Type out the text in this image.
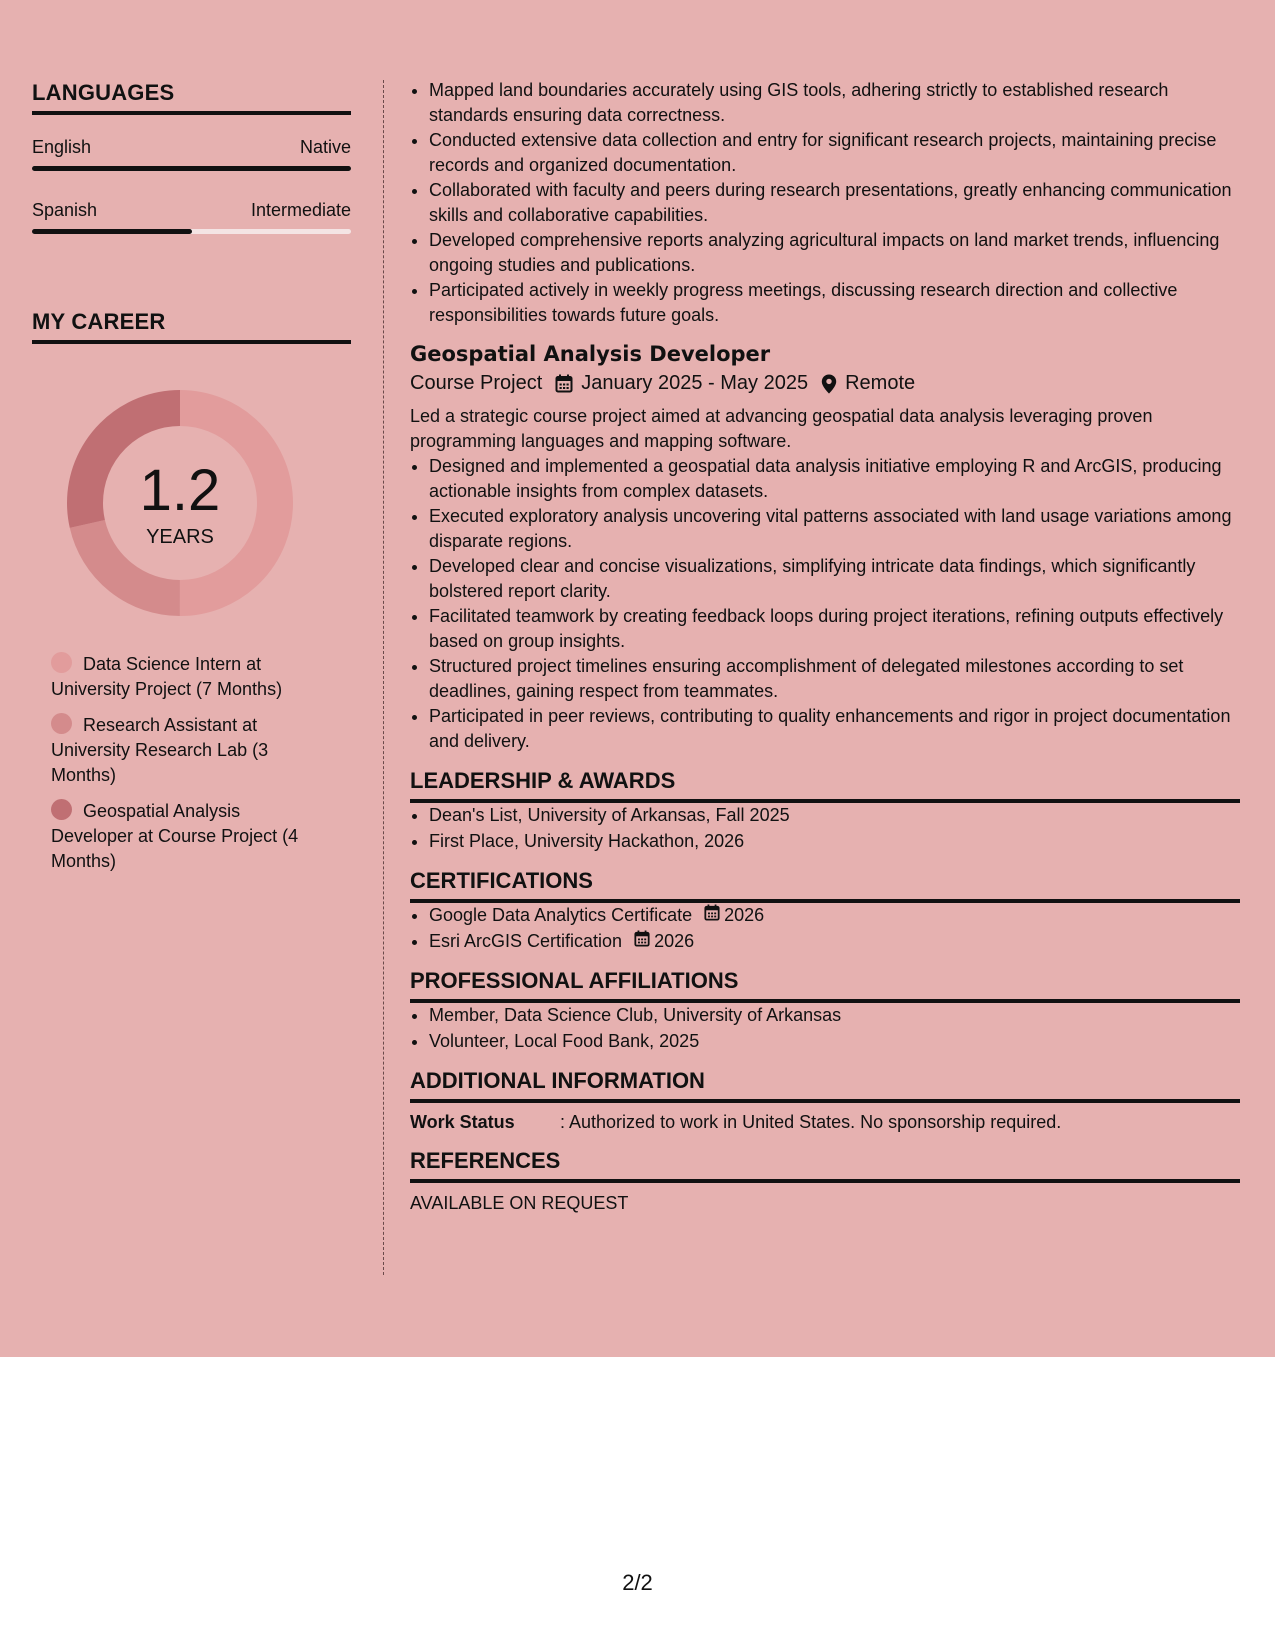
LANGUAGES
English	Native
Spanish	Intermediate
MY CAREER
1.2
YEARS
Data Science Intern at University Project (7 Months)
Research Assistant at University Research Lab (3 Months)
Geospatial Analysis Developer at Course Project (4 Months)
• Mapped land boundaries accurately using GIS tools, adhering strictly to established research standards ensuring data correctness.
• Conducted extensive data collection and entry for significant research projects, maintaining precise records and organized documentation.
• Collaborated with faculty and peers during research presentations, greatly enhancing communication skills and collaborative capabilities.
• Developed comprehensive reports analyzing agricultural impacts on land market trends, influencing ongoing studies and publications.
• Participated actively in weekly progress meetings, discussing research direction and collective responsibilities towards future goals.
Geospatial Analysis Developer
Course Project January 2025 - May 2025 Remote
Led a strategic course project aimed at advancing geospatial data analysis leveraging proven programming languages and mapping software.
• Designed and implemented a geospatial data analysis initiative employing R and ArcGIS, producing actionable insights from complex datasets.
• Executed exploratory analysis uncovering vital patterns associated with land usage variations among disparate regions.
• Developed clear and concise visualizations, simplifying intricate data findings, which significantly bolstered report clarity.
• Facilitated teamwork by creating feedback loops during project iterations, refining outputs effectively based on group insights.
• Structured project timelines ensuring accomplishment of delegated milestones according to set deadlines, gaining respect from teammates.
• Participated in peer reviews, contributing to quality enhancements and rigor in project documentation and delivery.
LEADERSHIP & AWARDS
• Dean's List, University of Arkansas, Fall 2025
• First Place, University Hackathon, 2026
CERTIFICATIONS
• Google Data Analytics Certificate 2026
• Esri ArcGIS Certification 2026
PROFESSIONAL AFFILIATIONS
• Member, Data Science Club, University of Arkansas
• Volunteer, Local Food Bank, 2025
ADDITIONAL INFORMATION
Work Status	: Authorized to work in United States. No sponsorship required.
REFERENCES
AVAILABLE ON REQUEST
2/2
